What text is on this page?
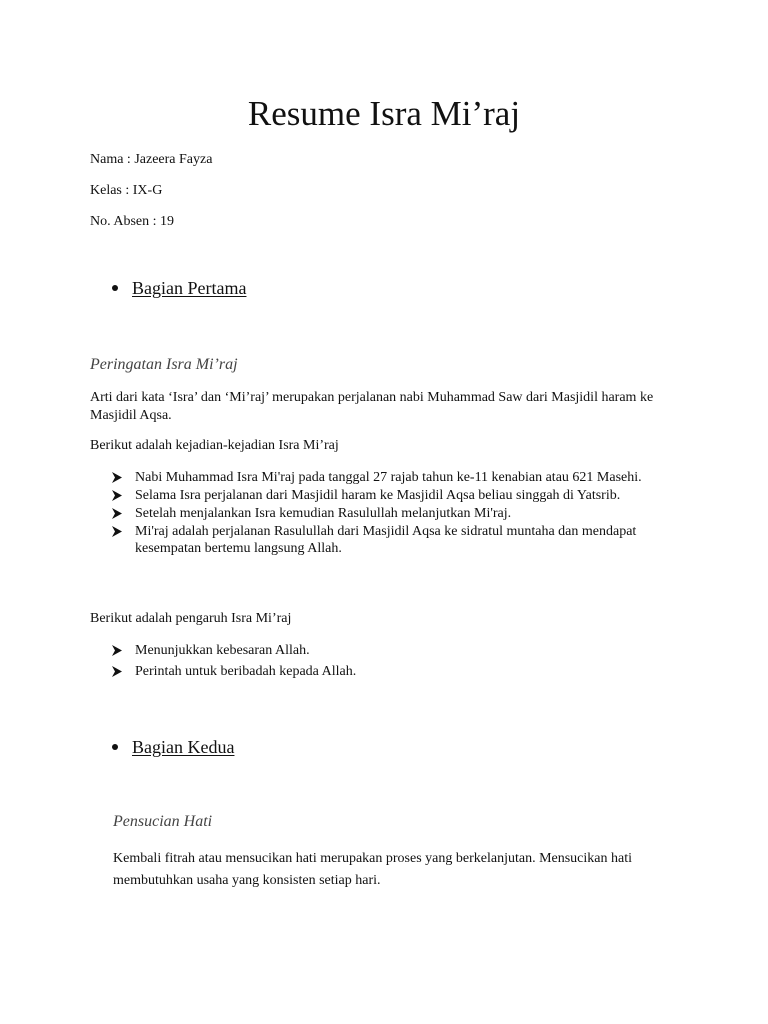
Resume Isra Mi’raj
Nama : Jazeera Fayza
Kelas : IX-G
No. Absen : 19
Bagian Pertama
Peringatan Isra Mi’raj
Arti dari kata ‘Isra’ dan ‘Mi’raj’ merupakan perjalanan nabi Muhammad Saw dari Masjidil haram ke Masjidil Aqsa.
Berikut adalah kejadian-kejadian Isra Mi’raj
Nabi Muhammad Isra Mi'raj pada tanggal 27 rajab tahun ke-11 kenabian atau 621 Masehi.
Selama Isra perjalanan dari Masjidil haram ke Masjidil Aqsa beliau singgah di Yatsrib.
Setelah menjalankan Isra kemudian Rasulullah melanjutkan Mi'raj.
Mi'raj adalah perjalanan Rasulullah dari Masjidil Aqsa ke sidratul muntaha dan mendapat kesempatan bertemu langsung Allah.
Berikut adalah pengaruh Isra Mi’raj
Menunjukkan kebesaran Allah.
Perintah untuk beribadah kepada Allah.
Bagian Kedua
Pensucian Hati
Kembali fitrah atau mensucikan hati merupakan proses yang berkelanjutan. Mensucikan hati membutuhkan usaha yang konsisten setiap hari.
